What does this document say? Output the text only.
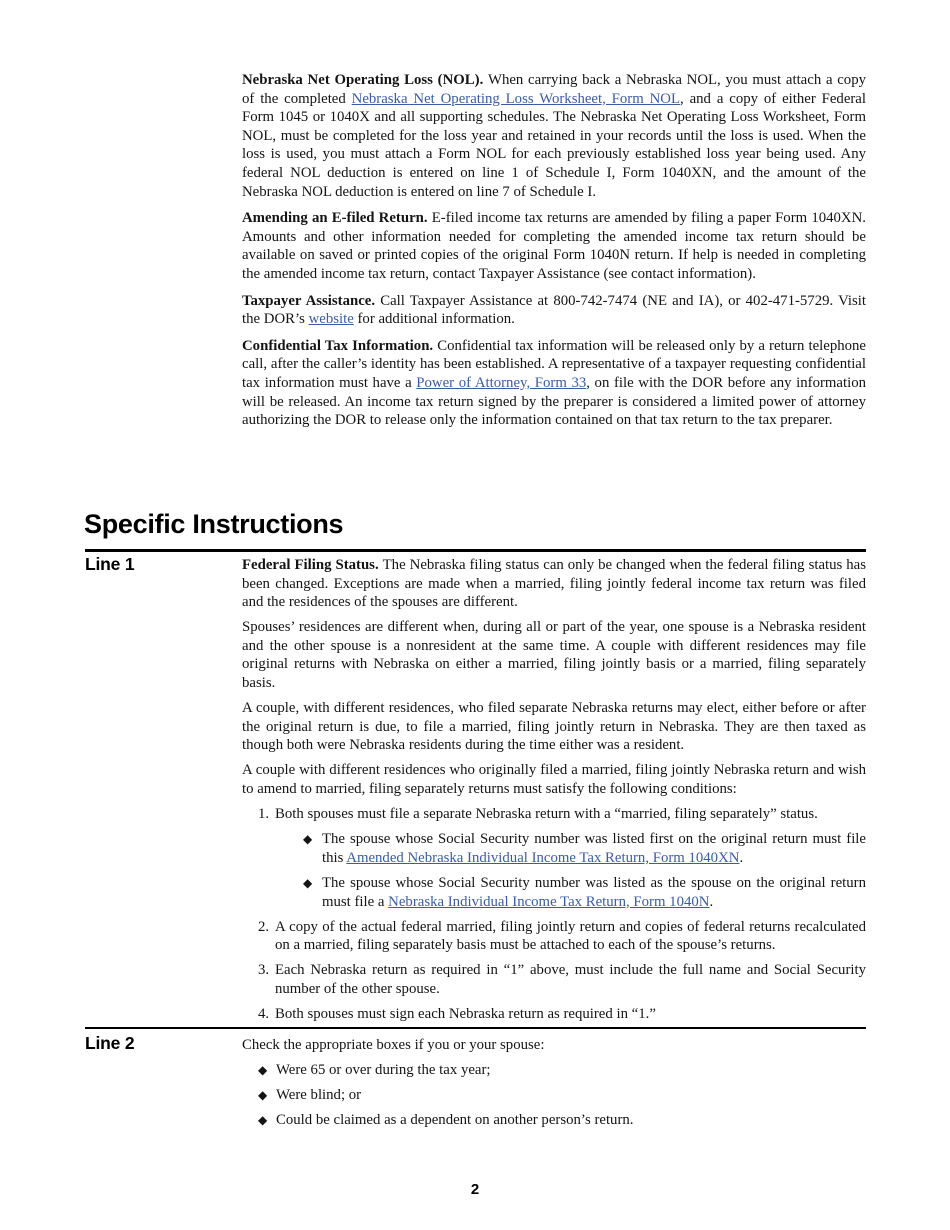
Nebraska Net Operating Loss (NOL). When carrying back a Nebraska NOL, you must attach a copy of the completed Nebraska Net Operating Loss Worksheet, Form NOL, and a copy of either Federal Form 1045 or 1040X and all supporting schedules. The Nebraska Net Operating Loss Worksheet, Form NOL, must be completed for the loss year and retained in your records until the loss is used. When the loss is used, you must attach a Form NOL for each previously established loss year being used. Any federal NOL deduction is entered on line 1 of Schedule I, Form 1040XN, and the amount of the Nebraska NOL deduction is entered on line 7 of Schedule I.

Amending an E-filed Return. E-filed income tax returns are amended by filing a paper Form 1040XN. Amounts and other information needed for completing the amended income tax return should be available on saved or printed copies of the original Form 1040N return. If help is needed in completing the amended income tax return, contact Taxpayer Assistance (see contact information).

Taxpayer Assistance. Call Taxpayer Assistance at 800-742-7474 (NE and IA), or 402-471-5729. Visit the DOR’s website for additional information.

Confidential Tax Information. Confidential tax information will be released only by a return telephone call, after the caller’s identity has been established. A representative of a taxpayer requesting confidential tax information must have a Power of Attorney, Form 33, on file with the DOR before any information will be released. An income tax return signed by the preparer is considered a limited power of attorney authorizing the DOR to release only the information contained on that tax return to the tax preparer.

Specific Instructions
Line 1	Federal Filing Status. The Nebraska filing status can only be changed when the federal filing status has been changed. Exceptions are made when a married, filing jointly federal income tax return was filed and the residences of the spouses are different.

Spouses’ residences are different when, during all or part of the year, one spouse is a Nebraska resident and the other spouse is a nonresident at the same time. A couple with different residences may file original returns with Nebraska on either a married, filing jointly basis or a married, filing separately basis.

A couple, with different residences, who filed separate Nebraska returns may elect, either before or after the original return is due, to file a married, filing jointly return in Nebraska. They are then taxed as though both were Nebraska residents during the time either was a resident.

A couple with different residences who originally filed a married, filing jointly Nebraska return and wish to amend to married, filing separately returns must satisfy the following conditions:

1. Both spouses must file a separate Nebraska return with a “married, filing separately” status.
◆ The spouse whose Social Security number was listed first on the original return must file this Amended Nebraska Individual Income Tax Return, Form 1040XN.
◆ The spouse whose Social Security number was listed as the spouse on the original return must file a Nebraska Individual Income Tax Return, Form 1040N.
2. A copy of the actual federal married, filing jointly return and copies of federal returns recalculated on a married, filing separately basis must be attached to each of the spouse’s returns.
3. Each Nebraska return as required in “1” above, must include the full name and Social Security number of the other spouse.
4. Both spouses must sign each Nebraska return as required in “1.”
Line 2	Check the appropriate boxes if you or your spouse:

◆ Were 65 or over during the tax year;
◆ Were blind; or
◆ Could be claimed as a dependent on another person’s return.
2
